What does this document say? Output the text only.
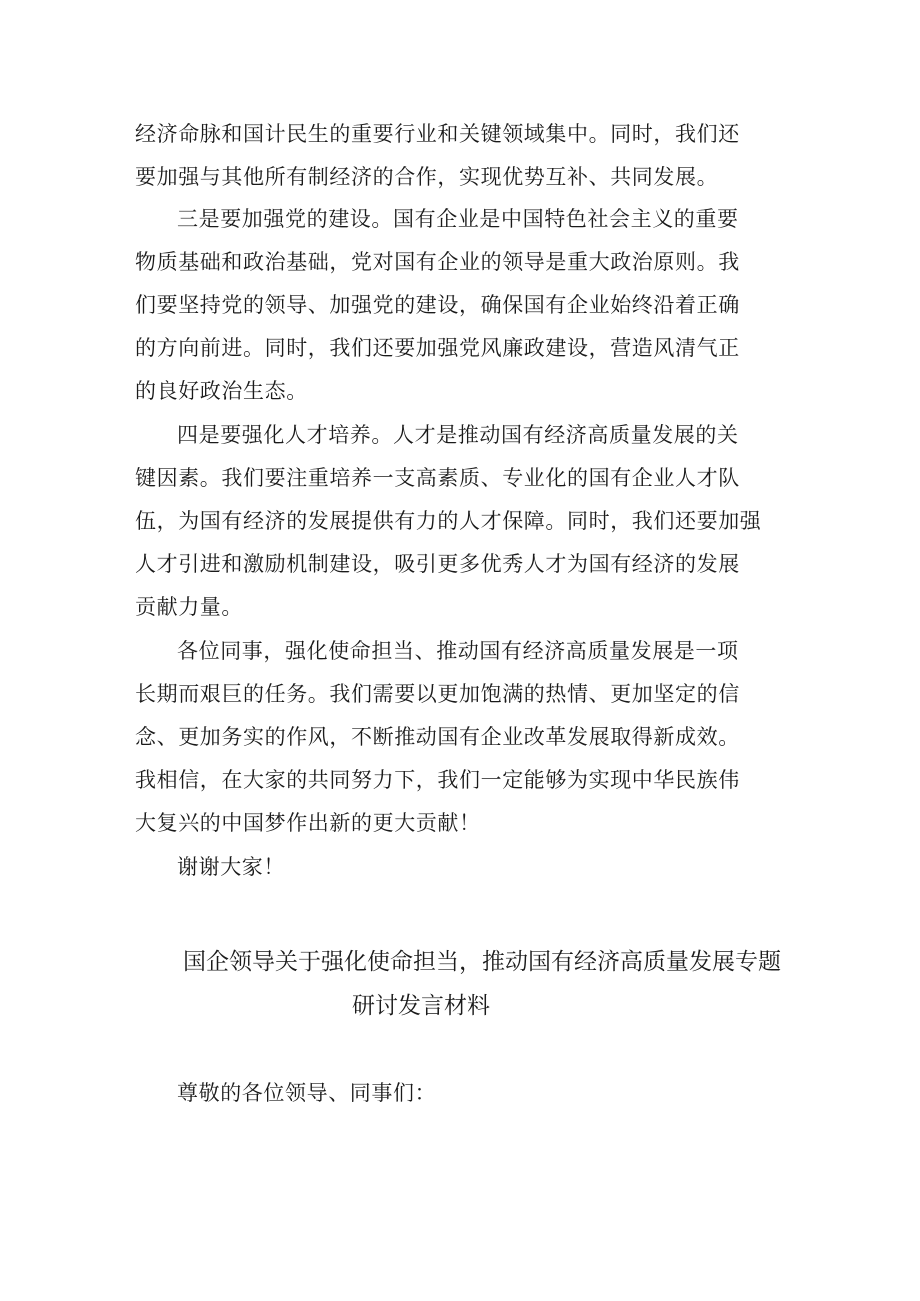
经济命脉和国计民生的重要行业和关键领域集中。同时，我们还
要加强与其他所有制经济的合作，实现优势互补、共同发展。
三是要加强党的建设。国有企业是中国特色社会主义的重要
物质基础和政治基础，党对国有企业的领导是重大政治原则。我
们要坚持党的领导、加强党的建设，确保国有企业始终沿着正确
的方向前进。同时，我们还要加强党风廉政建设，营造风清气正
的良好政治生态。
四是要强化人才培养。人才是推动国有经济高质量发展的关
键因素。我们要注重培养一支高素质、专业化的国有企业人才队
伍，为国有经济的发展提供有力的人才保障。同时，我们还要加强
人才引进和激励机制建设，吸引更多优秀人才为国有经济的发展
贡献力量。
各位同事，强化使命担当、推动国有经济高质量发展是一项
长期而艰巨的任务。我们需要以更加饱满的热情、更加坚定的信
念、更加务实的作风，不断推动国有企业改革发展取得新成效。
我相信，在大家的共同努力下，我们一定能够为实现中华民族伟
大复兴的中国梦作出新的更大贡献！
谢谢大家！
国企领导关于强化使命担当，推动国有经济高质量发展专题
研讨发言材料
尊敬的各位领导、同事们：
